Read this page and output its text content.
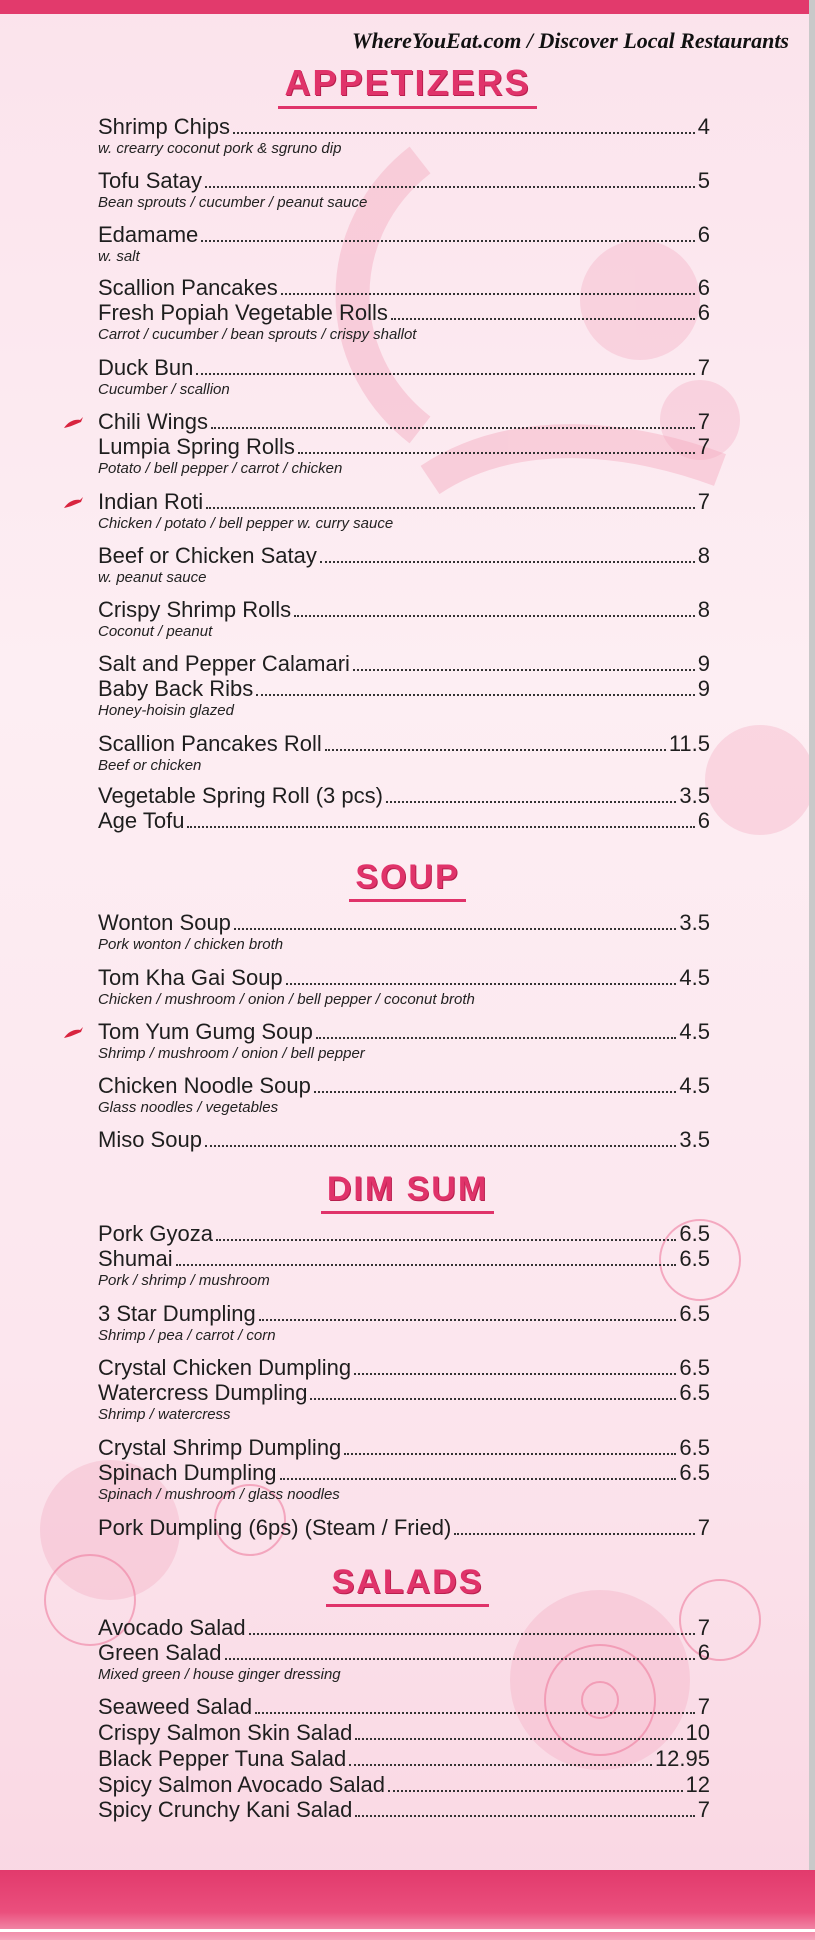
WhereYouEat.com / Discover Local Restaurants
APPETIZERS
Shrimp Chips	4
w. crearry coconut pork & sgruno dip
Tofu Satay	5
Bean sprouts / cucumber / peanut sauce
Edamame	6
w. salt
Scallion Pancakes	6
Fresh Popiah Vegetable Rolls	6
Carrot / cucumber / bean sprouts / crispy shallot
Duck Bun	7
Cucumber / scallion
Chili Wings	7
Lumpia Spring Rolls	7
Potato / bell pepper / carrot / chicken
Indian Roti	7
Chicken / potato / bell pepper w. curry sauce
Beef or Chicken Satay	8
w. peanut sauce
Crispy Shrimp Rolls	8
Coconut / peanut
Salt and Pepper Calamari	9
Baby Back Ribs	9
Honey-hoisin glazed
Scallion Pancakes Roll	11.5
Beef or chicken
Vegetable Spring Roll (3 pcs)	3.5
Age Tofu	6
SOUP
Wonton Soup	3.5
Pork wonton / chicken broth
Tom Kha Gai Soup	4.5
Chicken / mushroom / onion / bell pepper / coconut broth
Tom Yum Gumg Soup	4.5
Shrimp / mushroom / onion / bell pepper
Chicken Noodle Soup	4.5
Glass noodles / vegetables
Miso Soup	3.5
DIM SUM
Pork Gyoza	6.5
Shumai	6.5
Pork / shrimp / mushroom
3 Star Dumpling	6.5
Shrimp / pea / carrot / corn
Crystal Chicken Dumpling	6.5
Watercress Dumpling	6.5
Shrimp / watercress
Crystal Shrimp Dumpling	6.5
Spinach Dumpling	6.5
Spinach / mushroom / glass noodles
Pork Dumpling (6ps) (Steam / Fried)	7
SALADS
Avocado Salad	7
Green Salad	6
Mixed green / house ginger dressing
Seaweed Salad	7
Crispy Salmon Skin Salad	10
Black Pepper Tuna Salad	12.95
Spicy Salmon Avocado Salad	12
Spicy Crunchy Kani Salad	7
